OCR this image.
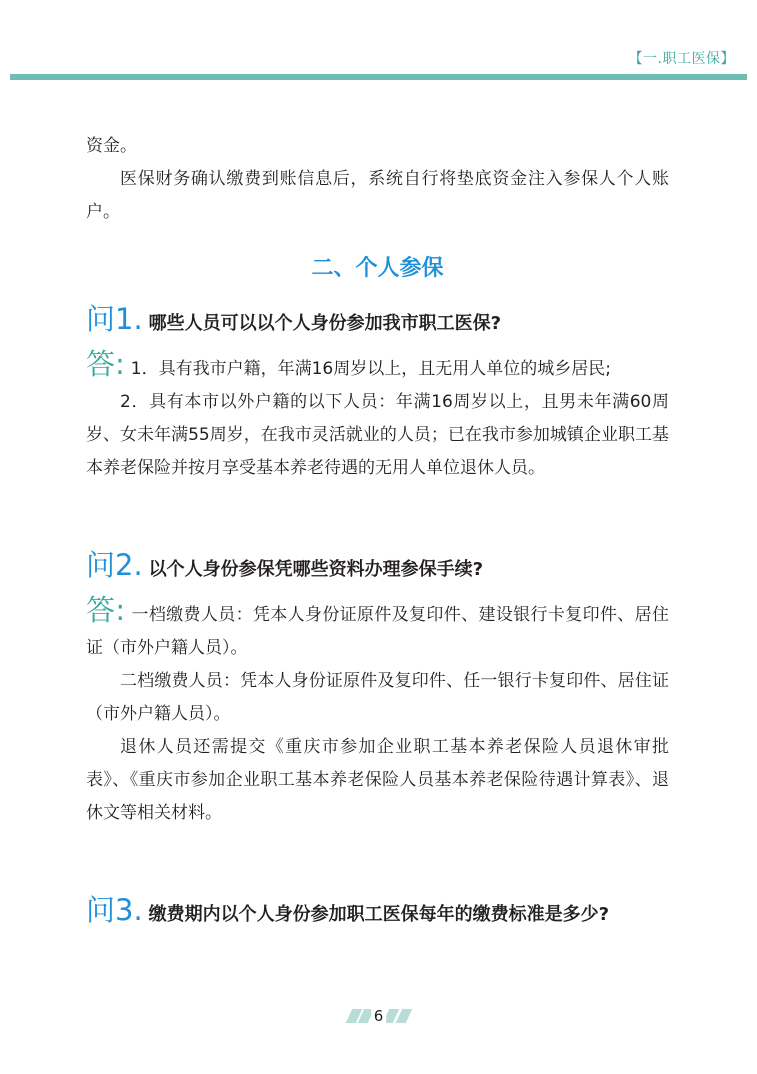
【一.职工医保】

资金。

医保财务确认缴费到账信息后，系统自行将垫底资金注入参保人个人账户。

二、个人参保
问1. 哪些人员可以以个人身份参加我市职工医保?

答: 1．具有我市户籍，年满16周岁以上，且无用人单位的城乡居民;

2．具有本市以外户籍的以下人员：年满16周岁以上，且男未年满60周岁、女未年满55周岁，在我市灵活就业的人员；已在我市参加城镇企业职工基本养老保险并按月享受基本养老待遇的无用人单位退休人员。

问2. 以个人身份参保凭哪些资料办理参保手续?

答: 一档缴费人员：凭本人身份证原件及复印件、建设银行卡复印件、居住证（市外户籍人员）。

二档缴费人员：凭本人身份证原件及复印件、任一银行卡复印件、居住证（市外户籍人员）。

退休人员还需提交《重庆市参加企业职工基本养老保险人员退休审批表》、《重庆市参加企业职工基本养老保险人员基本养老保险待遇计算表》、退休文等相关材料。

问3. 缴费期内以个人身份参加职工医保每年的缴费标准是多少?
6
